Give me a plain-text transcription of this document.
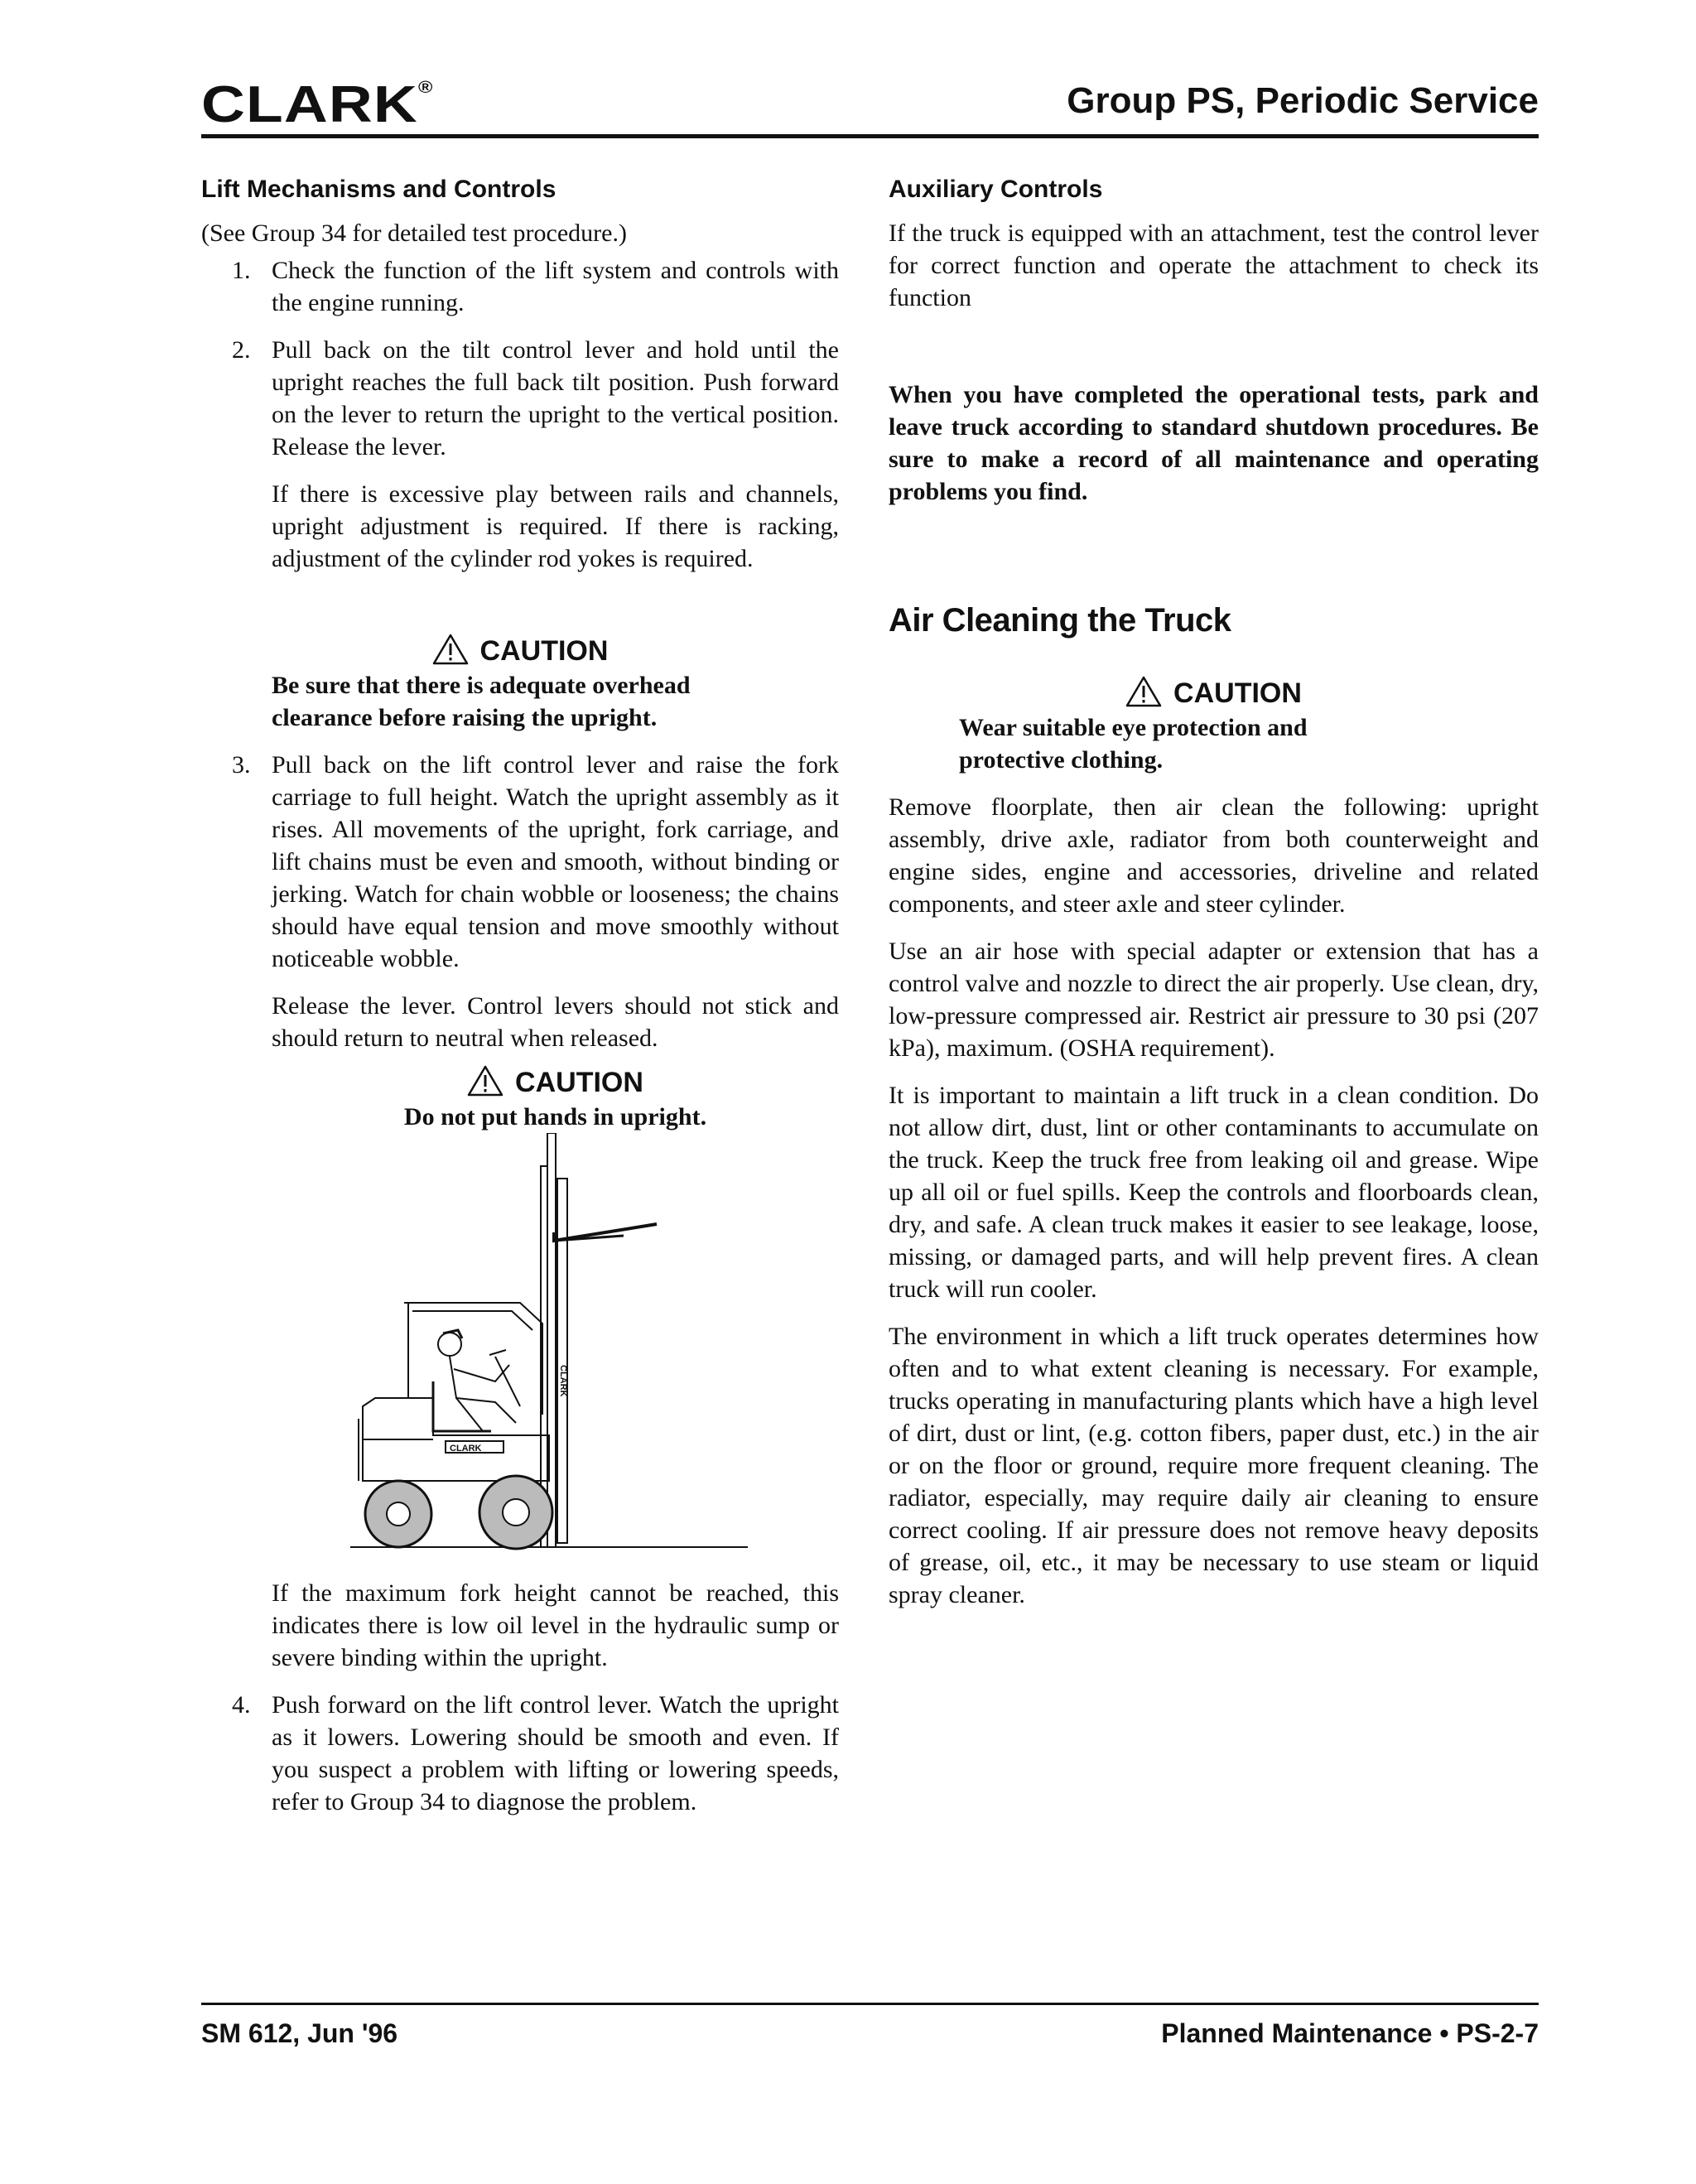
CLARK®	Group PS, Periodic Service
Lift Mechanisms and Controls

(See Group 34 for detailed test procedure.)

1. Check the function of the lift system and controls with the engine running.

2. Pull back on the tilt control lever and hold until the upright reaches the full back tilt position. Push forward on the lever to return the upright to the vertical position. Release the lever.

If there is excessive play between rails and channels, upright adjustment is required. If there is racking, adjustment of the cylinder rod yokes is required.

CAUTION

Be sure that there is adequate overhead clearance before raising the upright.

3. Pull back on the lift control lever and raise the fork carriage to full height. Watch the upright assembly as it rises. All movements of the upright, fork carriage, and lift chains must be even and smooth, without binding or jerking. Watch for chain wobble or looseness; the chains should have equal tension and move smoothly without noticeable wobble.

Release the lever. Control levers should not stick and should return to neutral when released.

CAUTION
Do not put hands in upright.
CLARK
CLARK

If the maximum fork height cannot be reached, this indicates there is low oil level in the hydraulic sump or severe binding within the upright.

4. Push forward on the lift control lever. Watch the upright as it lowers. Lowering should be smooth and even. If you suspect a problem with lifting or lowering speeds, refer to Group 34 to diagnose the problem.

Auxiliary Controls

If the truck is equipped with an attachment, test the control lever for correct function and operate the attachment to check its function

When you have completed the operational tests, park and leave truck according to standard shutdown procedures. Be sure to make a record of all maintenance and operating problems you find.

Air Cleaning the Truck
CAUTION

Wear suitable eye protection and protective clothing.

Remove floorplate, then air clean the following: upright assembly, drive axle, radiator from both counterweight and engine sides, engine and accessories, driveline and related components, and steer axle and steer cylinder.

Use an air hose with special adapter or extension that has a control valve and nozzle to direct the air properly. Use clean, dry, low-pressure compressed air. Restrict air pressure to 30 psi (207 kPa), maximum. (OSHA requirement).

It is important to maintain a lift truck in a clean condition. Do not allow dirt, dust, lint or other contaminants to accumulate on the truck. Keep the truck free from leaking oil and grease. Wipe up all oil or fuel spills. Keep the controls and floorboards clean, dry, and safe. A clean truck makes it easier to see leakage, loose, missing, or damaged parts, and will help prevent fires. A clean truck will run cooler.

The environment in which a lift truck operates determines how often and to what extent cleaning is necessary. For example, trucks operating in manufacturing plants which have a high level of dirt, dust or lint, (e.g. cotton fibers, paper dust, etc.) in the air or on the floor or ground, require more frequent cleaning. The radiator, especially, may require daily air cleaning to ensure correct cooling. If air pressure does not remove heavy deposits of grease, oil, etc., it may be necessary to use steam or liquid spray cleaner.

SM 612, Jun '96	Planned Maintenance • PS-2-7
